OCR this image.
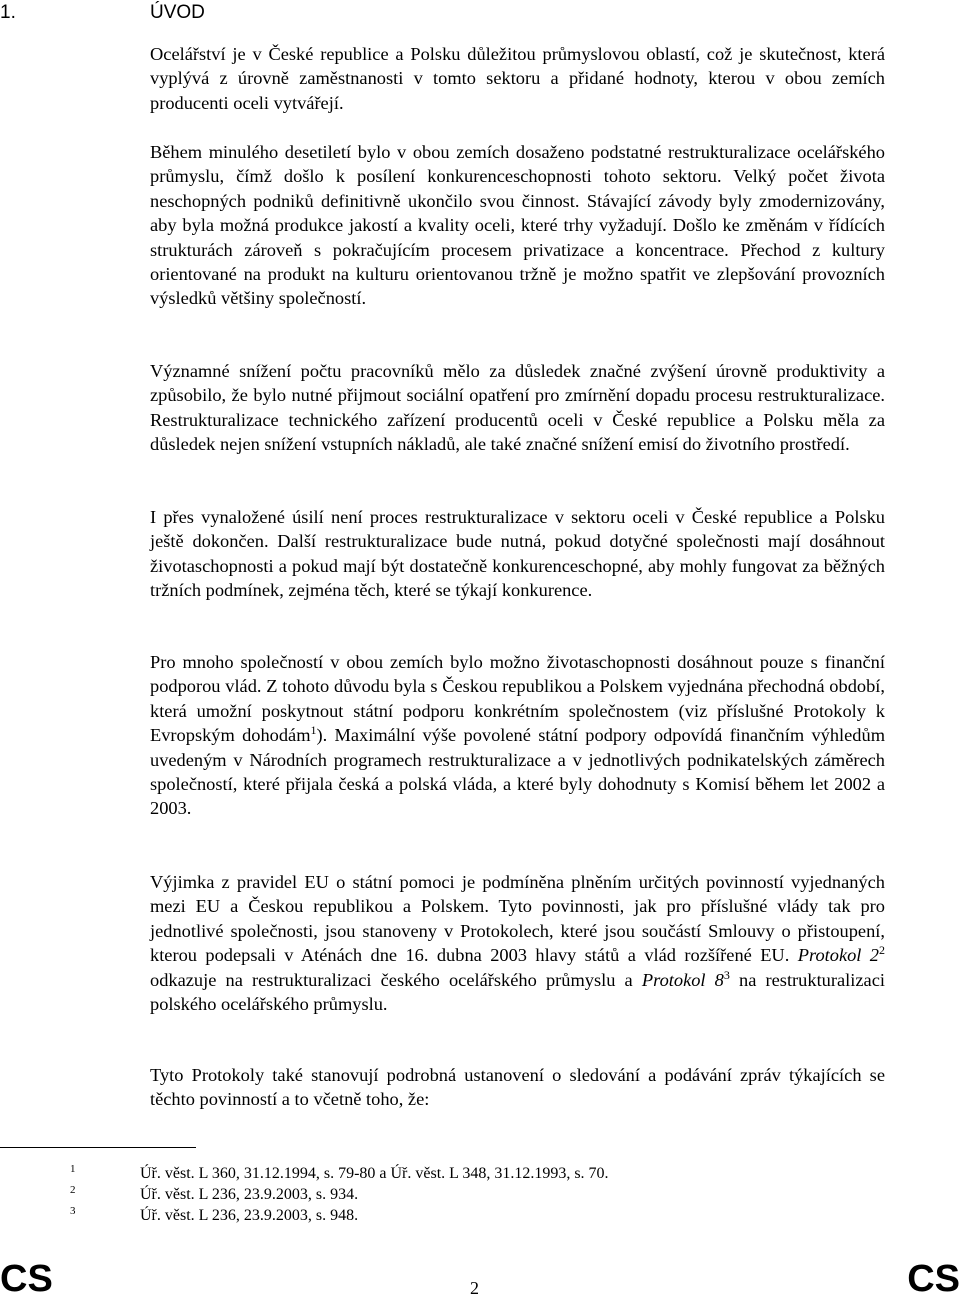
1.	ÚVOD

Ocelářství je v České republice a Polsku důležitou průmyslovou oblastí, což je skutečnost, která vyplývá z úrovně zaměstnanosti v tomto sektoru a přidané hodnoty, kterou v obou zemích producenti oceli vytvářejí.

Během minulého desetiletí bylo v obou zemích dosaženo podstatné restrukturalizace ocelářského průmyslu, čímž došlo k posílení konkurenceschopnosti tohoto sektoru. Velký počet života neschopných podniků definitivně ukončilo svou činnost. Stávající závody byly zmodernizovány, aby byla možná produkce jakostí a kvality oceli, které trhy vyžadují. Došlo ke změnám v řídících strukturách zároveň s pokračujícím procesem privatizace a koncentrace. Přechod z kultury orientované na produkt na kulturu orientovanou tržně je možno spatřit ve zlepšování provozních výsledků většiny společností.

Významné snížení počtu pracovníků mělo za důsledek značné zvýšení úrovně produktivity a způsobilo, že bylo nutné přijmout sociální opatření pro zmírnění dopadu procesu restrukturalizace. Restrukturalizace technického zařízení producentů oceli v České republice a Polsku měla za důsledek nejen snížení vstupních nákladů, ale také značné snížení emisí do životního prostředí.

I přes vynaložené úsilí není proces restrukturalizace v sektoru oceli v České republice a Polsku ještě dokončen. Další restrukturalizace bude nutná, pokud dotyčné společnosti mají dosáhnout životaschopnosti a pokud mají být dostatečně konkurenceschopné, aby mohly fungovat za běžných tržních podmínek, zejména těch, které se týkají konkurence.

Pro mnoho společností v obou zemích bylo možno životaschopnosti dosáhnout pouze s finanční podporou vlád. Z tohoto důvodu byla s Českou republikou a Polskem vyjednána přechodná období, která umožní poskytnout státní podporu konkrétním společnostem (viz příslušné Protokoly k Evropským dohodám$^1$). Maximální výše povolené státní podpory odpovídá finančním výhledům uvedeným v Národních programech restrukturalizace a v jednotlivých podnikatelských záměrech společností, které přijala česká a polská vláda, a které byly dohodnuty s Komisí během let 2002 a 2003.

Výjimka z pravidel EU o státní pomoci je podmíněna plněním určitých povinností vyjednaných mezi EU a Českou republikou a Polskem. Tyto povinnosti, jak pro příslušné vlády tak pro jednotlivé společnosti, jsou stanoveny v Protokolech, které jsou součástí Smlouvy o přistoupení, kterou podepsali v Aténách dne 16. dubna 2003 hlavy států a vlád rozšířené EU. Protokol $2^2$ odkazuje na restrukturalizaci českého ocelářského průmyslu a Protokol $8^3$ na restrukturalizaci polského ocelářského průmyslu.

Tyto Protokoly také stanovují podrobná ustanovení o sledování a podávání zpráv týkajících se těchto povinností a to včetně toho, že:

1	Úř. věst. L 360, 31.12.1994, s. 79-80 a Úř. věst. L 348, 31.12.1993, s. 70.
2	Úř. věst. L 236, 23.9.2003, s. 934.
3	Úř. věst. L 236, 23.9.2003, s. 948.
CS	2	CS
